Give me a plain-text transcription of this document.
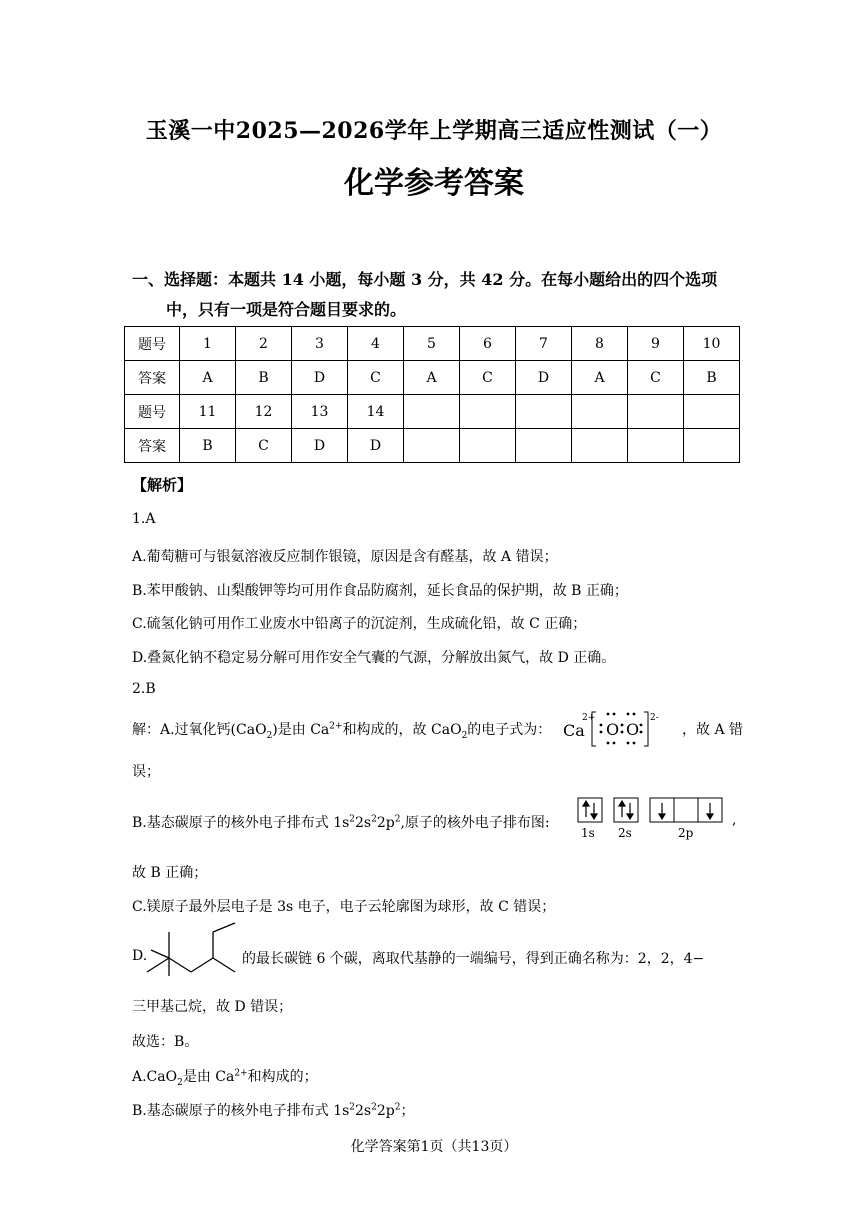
玉溪一中2025—2026学年上学期高三适应性测试（一）
化学参考答案
一、选择题：本题共 14 小题，每小题 3 分，共 42 分。在每小题给出的四个选项
中，只有一项是符合题目要求的。
题号	1	2	3	4	5	6	7	8	9	10
答案	A	B	D	C	A	C	D	A	C	B
题号	11	12	13	14						
答案	B	C	D	D						
【解析】
1.A
A.葡萄糖可与银氨溶液反应制作银镜，原因是含有醛基，故 A 错误；
B.苯甲酸钠、山梨酸钾等均可用作食品防腐剂，延长食品的保护期，故 B 正确；
C.硫氢化钠可用作工业废水中铅离子的沉淀剂，生成硫化铅，故 C 正确；
D.叠氮化钠不稳定易分解可用作安全气囊的气源，分解放出氮气，故 D 正确。
2.B
解：A.过氧化钙(CaO$_2$)是由 $Ca^{2+}$和构成的，故 CaO$_2$的电子式为： Ca
2+
O O
2-
，故 A 错
误；
B.基态碳原子的核外电子排布式 $1s^22s^22p^2$,原子的核外电子排布图:
1s 2s	2p
,
故 B 正确；
C.镁原子最外层电子是 3s 电子，电子云轮廓图为球形，故 C 错误；
D.	的最长碳链 6 个碳，离取代基静的一端编号，得到正确名称为：2，2，4−
三甲基己烷，故 D 错误；
故选：B。
A.CaO$_2$是由 $Ca^{2+}$和构成的；
B.基态碳原子的核外电子排布式 $1s^22s^22p^2$；
化学答案第1页（共13页）
